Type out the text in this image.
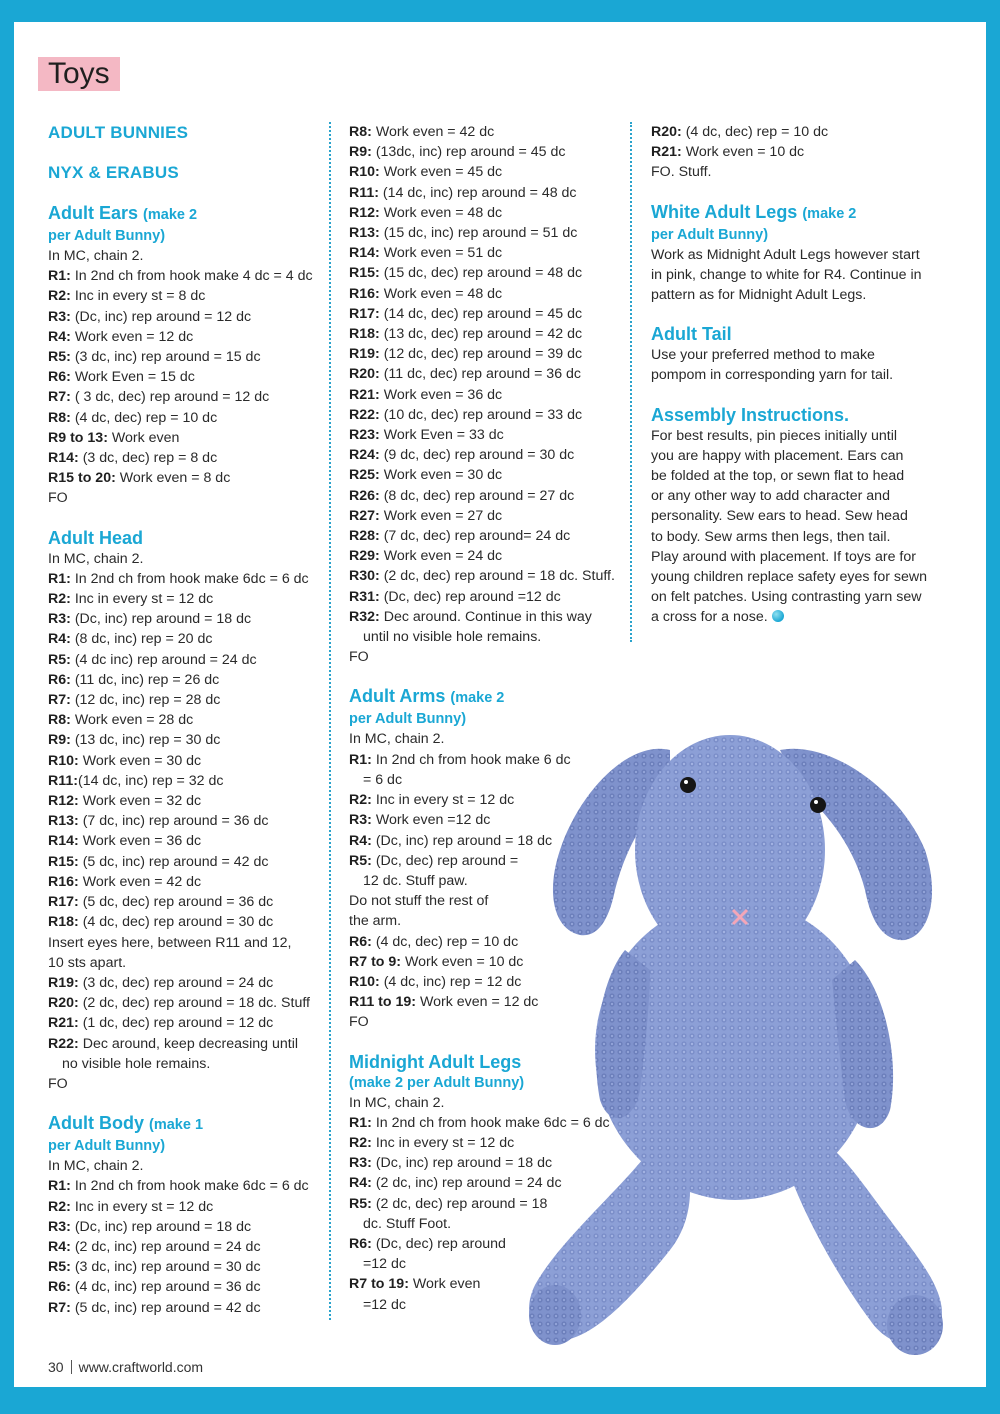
Toys
ADULT BUNNIES
NYX & ERABUS
Adult Ears (make 2
per Adult Bunny)
In MC, chain 2.
R1: In 2nd ch from hook make 4 dc = 4 dc
R2: Inc in every st = 8 dc
R3: (Dc, inc) rep around = 12 dc
R4: Work even = 12 dc
R5: (3 dc, inc) rep around = 15 dc
R6: Work Even = 15 dc
R7: ( 3 dc, dec) rep around = 12 dc
R8: (4 dc, dec) rep = 10 dc
R9 to 13: Work even
R14: (3 dc, dec) rep = 8 dc
R15 to 20: Work even = 8 dc
FO
Adult Head
In MC, chain 2.
R1: In 2nd ch from hook make 6dc = 6 dc
R2: Inc in every st = 12 dc
R3: (Dc, inc) rep around = 18 dc
R4: (8 dc, inc) rep = 20 dc
R5: (4 dc inc) rep around = 24 dc
R6: (11 dc, inc) rep = 26 dc
R7: (12 dc, inc) rep = 28 dc
R8: Work even = 28 dc
R9: (13 dc, inc) rep = 30 dc
R10: Work even = 30 dc
R11:(14 dc, inc) rep = 32 dc
R12: Work even = 32 dc
R13: (7 dc, inc) rep around = 36 dc
R14: Work even = 36 dc
R15: (5 dc, inc) rep around = 42 dc
R16: Work even = 42 dc
R17: (5 dc, dec) rep around = 36 dc
R18: (4 dc, dec) rep around = 30 dc
Insert eyes here, between R11 and 12,
10 sts apart.
R19: (3 dc, dec) rep around = 24 dc
R20: (2 dc, dec) rep around = 18 dc. Stuff
R21: (1 dc, dec) rep around = 12 dc
R22: Dec around, keep decreasing until
no visible hole remains.
FO
Adult Body (make 1
per Adult Bunny)
In MC, chain 2.
R1: In 2nd ch from hook make 6dc = 6 dc
R2: Inc in every st = 12 dc
R3: (Dc, inc) rep around = 18 dc
R4: (2 dc, inc) rep around = 24 dc
R5: (3 dc, inc) rep around = 30 dc
R6: (4 dc, inc) rep around = 36 dc
R7: (5 dc, inc) rep around = 42 dc
R8: Work even = 42 dc
R9: (13dc, inc) rep around = 45 dc
R10: Work even = 45 dc
R11: (14 dc, inc) rep around = 48 dc
R12: Work even = 48 dc
R13: (15 dc, inc) rep around = 51 dc
R14: Work even = 51 dc
R15: (15 dc, dec) rep around = 48 dc
R16: Work even = 48 dc
R17: (14 dc, dec) rep around = 45 dc
R18: (13 dc, dec) rep around = 42 dc
R19: (12 dc, dec) rep around = 39 dc
R20: (11 dc, dec) rep around = 36 dc
R21: Work even = 36 dc
R22: (10 dc, dec) rep around = 33 dc
R23: Work Even = 33 dc
R24: (9 dc, dec) rep around = 30 dc
R25: Work even = 30 dc
R26: (8 dc, dec) rep around = 27 dc
R27: Work even = 27 dc
R28: (7 dc, dec) rep around= 24 dc
R29: Work even = 24 dc
R30: (2 dc, dec) rep around = 18 dc. Stuff.
R31: (Dc, dec) rep around =12 dc
R32: Dec around. Continue in this way
until no visible hole remains.
FO
Adult Arms (make 2
per Adult Bunny)
In MC, chain 2.
R1: In 2nd ch from hook make 6 dc
= 6 dc
R2: Inc in every st = 12 dc
R3: Work even =12 dc
R4: (Dc, inc) rep around = 18 dc
R5: (Dc, dec) rep around =
12 dc. Stuff paw.
Do not stuff the rest of
the arm.
R6: (4 dc, dec) rep = 10 dc
R7 to 9: Work even = 10 dc
R10: (4 dc, inc) rep = 12 dc
R11 to 19: Work even = 12 dc
FO
Midnight Adult Legs
(make 2 per Adult Bunny)
In MC, chain 2.
R1: In 2nd ch from hook make 6dc = 6 dc
R2: Inc in every st = 12 dc
R3: (Dc, inc) rep around = 18 dc
R4: (2 dc, inc) rep around = 24 dc
R5: (2 dc, dec) rep around = 18
dc. Stuff Foot.
R6: (Dc, dec) rep around
=12 dc
R7 to 19: Work even
=12 dc
R20: (4 dc, dec) rep = 10 dc
R21: Work even = 10 dc
FO. Stuff.
White Adult Legs (make 2
per Adult Bunny)
Work as Midnight Adult Legs however start
in pink, change to white for R4. Continue in
pattern as for Midnight Adult Legs.
Adult Tail
Use your preferred method to make
pompom in corresponding yarn for tail.
Assembly Instructions.
For best results, pin pieces initially until
you are happy with placement. Ears can
be folded at the top, or sewn flat to head
or any other way to add character and
personality. Sew ears to head. Sew head
to body. Sew arms then legs, then tail.
Play around with placement. If toys are for
young children replace safety eyes for sewn
on felt patches. Using contrasting yarn sew
a cross for a nose.
30 www.craftworld.com
